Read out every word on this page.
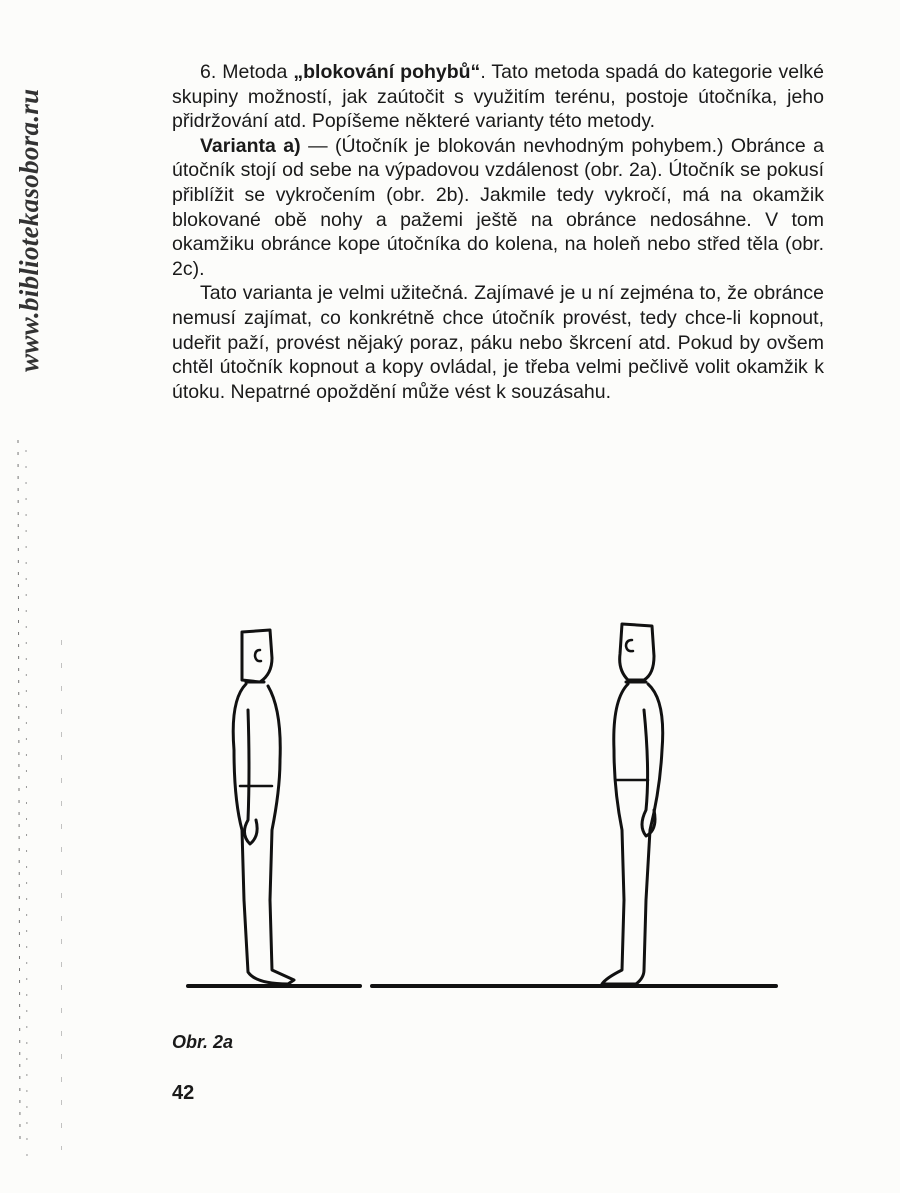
www.bibliotekasobora.ru

6. Metoda „blokování pohybů“. Tato metoda spadá do kategorie velké skupiny možností, jak zaútočit s využitím terénu, postoje útočníka, jeho přidržování atd. Popíšeme některé varianty této metody.

Varianta a) — (Útočník je blokován nevhodným pohybem.) Obránce a útočník stojí od sebe na výpadovou vzdálenost (obr. 2a). Útočník se pokusí přiblížit se vykročením (obr. 2b). Jakmile tedy vykročí, má na okamžik blokované obě nohy a pažemi ještě na obránce nedosáhne. V tom okamžiku obránce kope útočníka do kolena, na holeň nebo střed těla (obr. 2c).

Tato varianta je velmi užitečná. Zajímavé je u ní zejména to, že obránce nemusí zajímat, co konkrétně chce útočník provést, tedy chce-li kopnout, udeřit paží, provést nějaký poraz, páku nebo škrcení atd. Pokud by ovšem chtěl útočník kopnout a kopy ovládal, je třeba velmi pečlivě volit okamžik k útoku. Nepatrné opoždění může vést k souzásahu.

Obr. 2a
42
